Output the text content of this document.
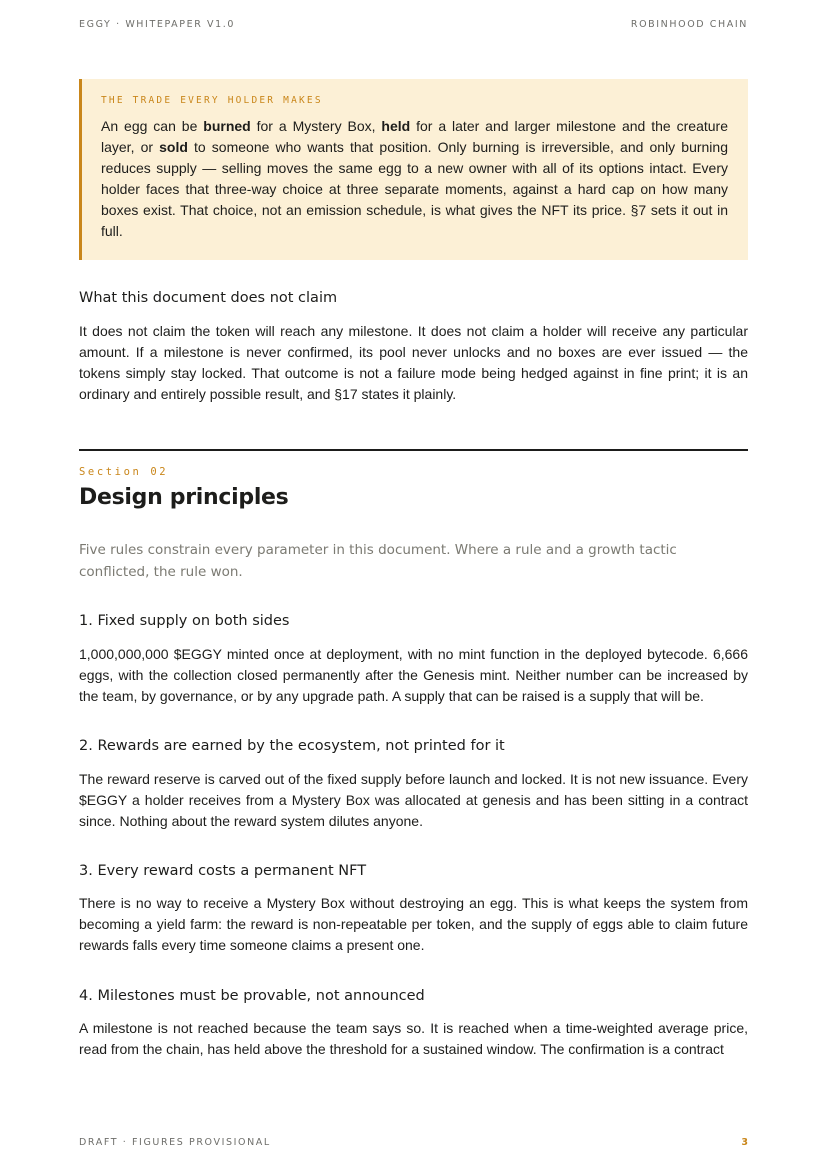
EGGY · WHITEPAPER V1.0	ROBINHOOD CHAIN
THE TRADE EVERY HOLDER MAKES

An egg can be burned for a Mystery Box, held for a later and larger milestone and the creature layer, or sold to someone who wants that position. Only burning is irreversible, and only burning reduces supply — selling moves the same egg to a new owner with all of its options intact. Every holder faces that three-way choice at three separate moments, against a hard cap on how many boxes exist. That choice, not an emission schedule, is what gives the NFT its price. §7 sets it out in full.

What this document does not claim

It does not claim the token will reach any milestone. It does not claim a holder will receive any particular amount. If a milestone is never confirmed, its pool never unlocks and no boxes are ever issued — the tokens simply stay locked. That outcome is not a failure mode being hedged against in fine print; it is an ordinary and entirely possible result, and §17 states it plainly.

Section 02
Design principles

Five rules constrain every parameter in this document. Where a rule and a growth tactic conflicted, the rule won.

1. Fixed supply on both sides

1,000,000,000 $EGGY minted once at deployment, with no mint function in the deployed bytecode. 6,666 eggs, with the collection closed permanently after the Genesis mint. Neither number can be increased by the team, by governance, or by any upgrade path. A supply that can be raised is a supply that will be.

2. Rewards are earned by the ecosystem, not printed for it

The reward reserve is carved out of the fixed supply before launch and locked. It is not new issuance. Every $EGGY a holder receives from a Mystery Box was allocated at genesis and has been sitting in a contract since. Nothing about the reward system dilutes anyone.

3. Every reward costs a permanent NFT

There is no way to receive a Mystery Box without destroying an egg. This is what keeps the system from becoming a yield farm: the reward is non-repeatable per token, and the supply of eggs able to claim future rewards falls every time someone claims a present one.

4. Milestones must be provable, not announced

A milestone is not reached because the team says so. It is reached when a time-weighted average price, read from the chain, has held above the threshold for a sustained window. The confirmation is a contract

DRAFT · FIGURES PROVISIONAL	3
